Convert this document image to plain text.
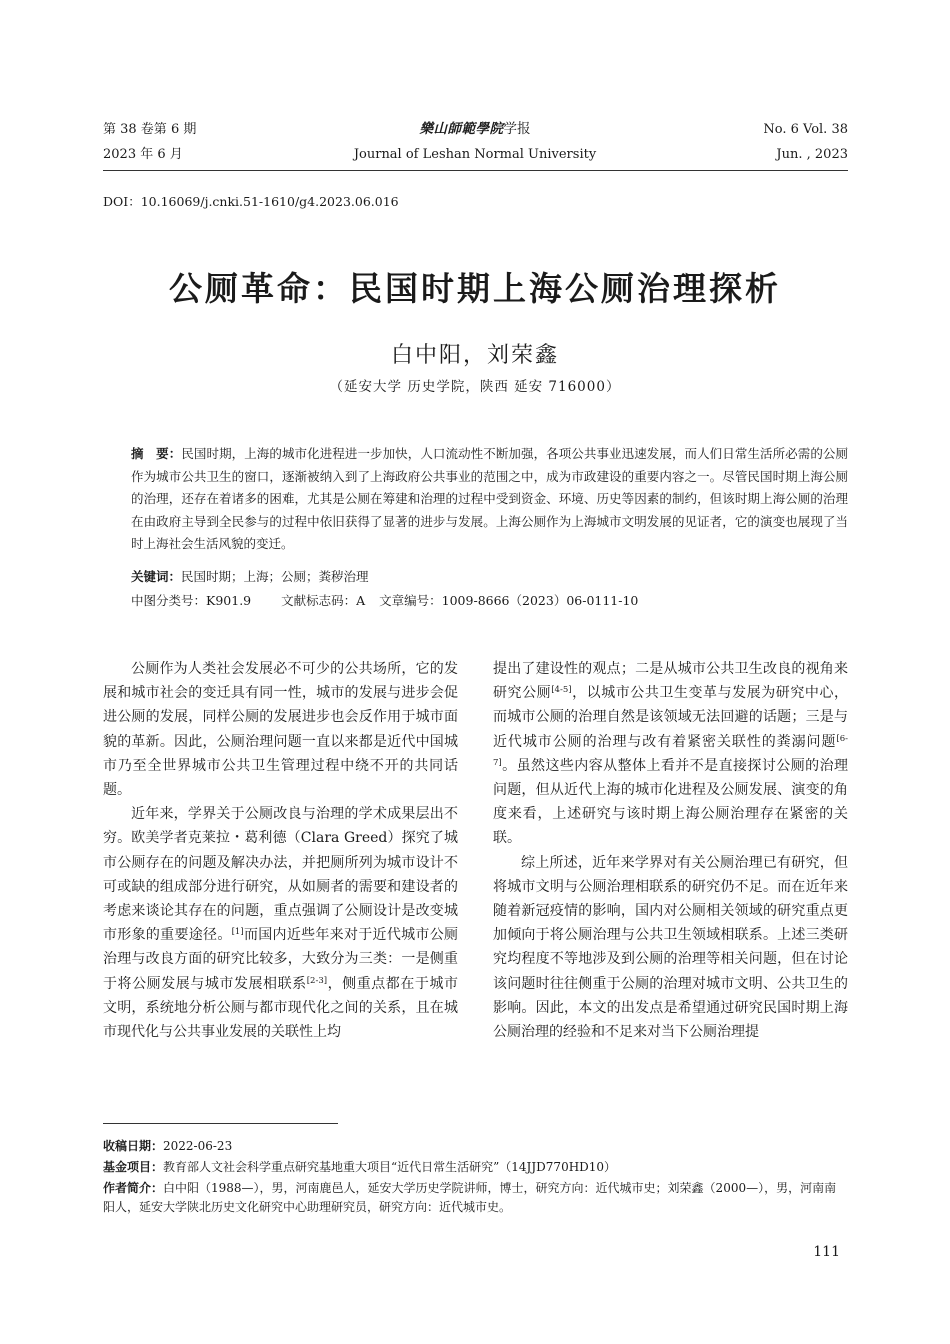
第 38 卷第 6 期
2023 年 6 月
樂山師範學院学报
Journal of Leshan Normal University
No. 6 Vol. 38
Jun. , 2023
DOI：10.16069/j.cnki.51-1610/g4.2023.06.016
公厕革命：民国时期上海公厕治理探析
白中阳，刘荣鑫
（延安大学 历史学院，陕西 延安 716000）
摘　要：民国时期，上海的城市化进程进一步加快，人口流动性不断加强，各项公共事业迅速发展，而人们日常生活所必需的公厕作为城市公共卫生的窗口，逐渐被纳入到了上海政府公共事业的范围之中，成为市政建设的重要内容之一。尽管民国时期上海公厕的治理，还存在着诸多的困难，尤其是公厕在筹建和治理的过程中受到资金、环境、历史等因素的制约，但该时期上海公厕的治理在由政府主导到全民参与的过程中依旧获得了显著的进步与发展。上海公厕作为上海城市文明发展的见证者，它的演变也展现了当时上海社会生活风貌的变迁。
关键词：民国时期；上海；公厕；粪秽治理
中图分类号：K901.9 文献标志码：A 文章编号：1009-8666（2023）06-0111-10

公厕作为人类社会发展必不可少的公共场所，它的发展和城市社会的变迁具有同一性，城市的发展与进步会促进公厕的发展，同样公厕的发展进步也会反作用于城市面貌的革新。因此，公厕治理问题一直以来都是近代中国城市乃至全世界城市公共卫生管理过程中绕不开的共同话题。

近年来，学界关于公厕改良与治理的学术成果层出不穷。欧美学者克莱拉・葛利德（Clara Greed）探究了城市公厕存在的问题及解决办法，并把厕所列为城市设计不可或缺的组成部分进行研究，从如厕者的需要和建设者的考虑来谈论其存在的问题，重点强调了公厕设计是改变城市形象的重要途径。[1]而国内近些年来对于近代城市公厕治理与改良方面的研究比较多，大致分为三类：一是侧重于将公厕发展与城市发展相联系[2-3]，侧重点都在于城市文明，系统地分析公厕与都市现代化之间的关系，且在城市现代化与公共事业发展的关联性上均

提出了建设性的观点；二是从城市公共卫生改良的视角来研究公厕[4-5]，以城市公共卫生变革与发展为研究中心，而城市公厕的治理自然是该领域无法回避的话题；三是与近代城市公厕的治理与改有着紧密关联性的粪溺问题[6-7]。虽然这些内容从整体上看并不是直接探讨公厕的治理问题，但从近代上海的城市化进程及公厕发展、演变的角度来看，上述研究与该时期上海公厕治理存在紧密的关联。

综上所述，近年来学界对有关公厕治理已有研究，但将城市文明与公厕治理相联系的研究仍不足。而在近年来随着新冠疫情的影响，国内对公厕相关领域的研究重点更加倾向于将公厕治理与公共卫生领域相联系。上述三类研究均程度不等地涉及到公厕的治理等相关问题，但在讨论该问题时往往侧重于公厕的治理对城市文明、公共卫生的影响。因此，本文的出发点是希望通过研究民国时期上海公厕治理的经验和不足来对当下公厕治理提

收稿日期：2022-06-23
基金项目：教育部人文社会科学重点研究基地重大项目“近代日常生活研究”（14JJD770HD10）
作者简介：白中阳（1988—），男，河南鹿邑人，延安大学历史学院讲师，博士，研究方向：近代城市史；刘荣鑫（2000—），男，河南南阳人，延安大学陕北历史文化研究中心助理研究员，研究方向：近代城市史。
111
